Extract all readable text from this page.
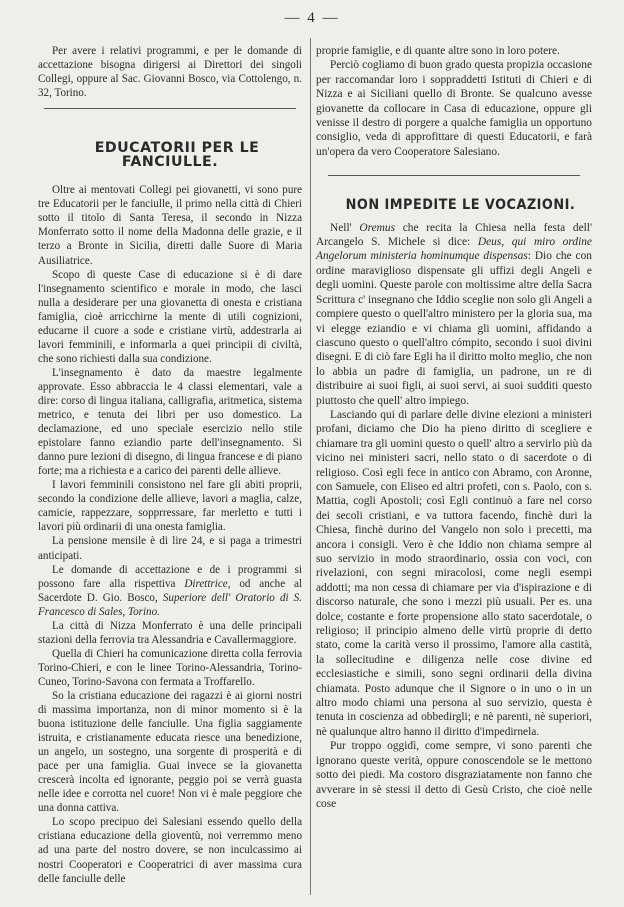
— 4 —

Per avere i relativi programmi, e per le domande di accettazione bisogna dirigersi ai Direttori dei singoli Collegi, oppure al Sac. Giovanni Bosco, via Cottolengo, n. 32, Torino.

EDUCATORII PER LE FANCIULLE.

Oltre ai mentovati Collegi pei giovanetti, vi sono pure tre Educatorii per le fanciulle, il primo nella città di Chieri sotto il titolo di Santa Teresa, il secondo in Nizza Monferrato sotto il nome della Madonna delle grazie, e il terzo a Bronte in Sicilia, diretti dalle Suore di Maria Ausiliatrice.

Scopo di queste Case di educazione si è di dare l'insegnamento scientifico e morale in modo, che lasci nulla a desiderare per una giovanetta di onesta e cristiana famiglia, cioè arricchirne la mente di utili cognizioni, educarne il cuore a sode e cristiane virtù, addestrarla ai lavori femminili, e informarla a quei principii di civiltà, che sono richiesti dalla sua condizione.

L'insegnamento è dato da maestre legalmente approvate. Esso abbraccia le 4 classi elementari, vale a dire: corso di lingua italiana, calligrafia, aritmetica, sistema metrico, e tenuta dei libri per uso domestico. La declamazione, ed uno speciale esercizio nello stile epistolare fanno eziandio parte dell'insegnamento. Si danno pure lezioni di disegno, di lingua francese e di piano forte; ma a richiesta e a carico dei parenti delle allieve.

I lavori femminili consistono nel fare gli abiti proprii, secondo la condizione delle allieve, lavori a maglia, calze, camicie, rappezzare, sopprressare, far merletto e tutti i lavori più ordinarii di una onesta famiglia.

La pensione mensile è di lire 24, e si paga a trimestri anticipati.

Le domande di accettazione e de i programmi si possono fare alla rispettiva Direttrice, od anche al Sacerdote D. Gio. Bosco, Superiore dell' Oratorio di S. Francesco di Sales, Torino.

La città di Nizza Monferrato è una delle principali stazioni della ferrovia tra Alessandria e Cavallermaggiore.

Quella di Chieri ha comunicazione diretta colla ferrovia Torino-Chieri, e con le linee Torino-Alessandria, Torino-Cuneo, Torino-Savona con fermata a Troffarello.

So la cristiana educazione dei ragazzi è ai giorni nostri di massima importanza, non di minor momento si è la buona istituzione delle fanciulle. Una figlia saggiamente istruita, e cristianamente educata riesce una benedizione, un angelo, un sostegno, una sorgente di prosperità e di pace per una famiglia. Guai invece se la giovanetta crescerà incolta ed ignorante, peggio poi se verrà guasta nelle idee e corrotta nel cuore! Non vi è male peggiore che una donna cattiva.

Lo scopo precipuo dei Salesiani essendo quello della cristiana educazione della gioventù, noi verremmo meno ad una parte del nostro dovere, se non inculcassimo ai nostri Cooperatori e Cooperatrici di aver massima cura delle fanciulle delle

proprie famiglie, e di quante altre sono in loro potere.

Perciò cogliamo di buon grado questa propizia occasione per raccomandar loro i soppraddetti Istituti di Chieri e di Nizza e ai Siciliani quello di Bronte. Se qualcuno avesse giovanette da collocare in Casa di educazione, oppure gli venisse il destro di porgere a qualche famiglia un opportuno consiglio, veda di approfittare di questi Educatorii, e farà un'opera da vero Cooperatore Salesiano.

NON IMPEDITE LE VOCAZIONI.

Nell' Oremus che recita la Chiesa nella festa dell' Arcangelo S. Michele si dice: Deus, qui miro ordine Angelorum ministeria hominumque dispensas: Dio che con ordine maraviglioso dispensate gli uffizi degli Angeli e degli uomini. Queste parole con moltissime altre della Sacra Scrittura c' insegnano che Iddio sceglie non solo gli Angeli a compiere questo o quell'altro ministero per la gloria sua, ma vi elegge eziandio e vi chiama gli uomini, affidando a ciascuno questo o quell'altro cómpito, secondo i suoi divini disegni. E di ciò fare Egli ha il diritto molto meglio, che non lo abbia un padre di famiglia, un padrone, un re di distribuire ai suoi figli, ai suoi servi, ai suoi sudditi questo piuttosto che quell' altro impiego.

Lasciando qui di parlare delle divine elezioni a ministeri profani, diciamo che Dio ha pieno diritto di scegliere e chiamare tra gli uomini questo o quell' altro a servirlo più da vicino nei ministeri sacri, nello stato o di sacerdote o di religioso. Così egli fece in antico con Abramo, con Aronne, con Samuele, con Eliseo ed altri profeti, con s. Paolo, con s. Mattia, cogli Apostoli; così Egli continuò a fare nel corso dei secoli cristiani, e va tuttora facendo, finchè duri la Chiesa, finchè durino del Vangelo non solo i precetti, ma ancora i consigli. Vero è che Iddio non chiama sempre al suo servizio in modo straordinario, ossia con voci, con rivelazioni, con segni miracolosi, come negli esempi addotti; ma non cessa di chiamare per via d'ispirazione e di discorso naturale, che sono i mezzi più usuali. Per es. una dolce, costante e forte propensione allo stato sacerdotale, o religioso; il principio almeno delle virtù proprie di detto stato, come la carità verso il prossimo, l'amore alla castità, la sollecitudine e diligenza nelle cose divine ed ecclesiastiche e simili, sono segni ordinarii della divina chiamata. Posto adunque che il Signore o in uno o in un altro modo chiami una persona al suo servizio, questa è tenuta in coscienza ad obbedirgli; e nè parenti, nè superiori, nè qualunque altro hanno il diritto d'impedirnela.

Pur troppo oggidì, come sempre, vi sono parenti che ignorano queste verità, oppure conoscendole se le mettono sotto dei piedi. Ma costoro disgraziatamente non fanno che avverare in sè stessi il detto di Gesù Cristo, che cioè nelle cose
